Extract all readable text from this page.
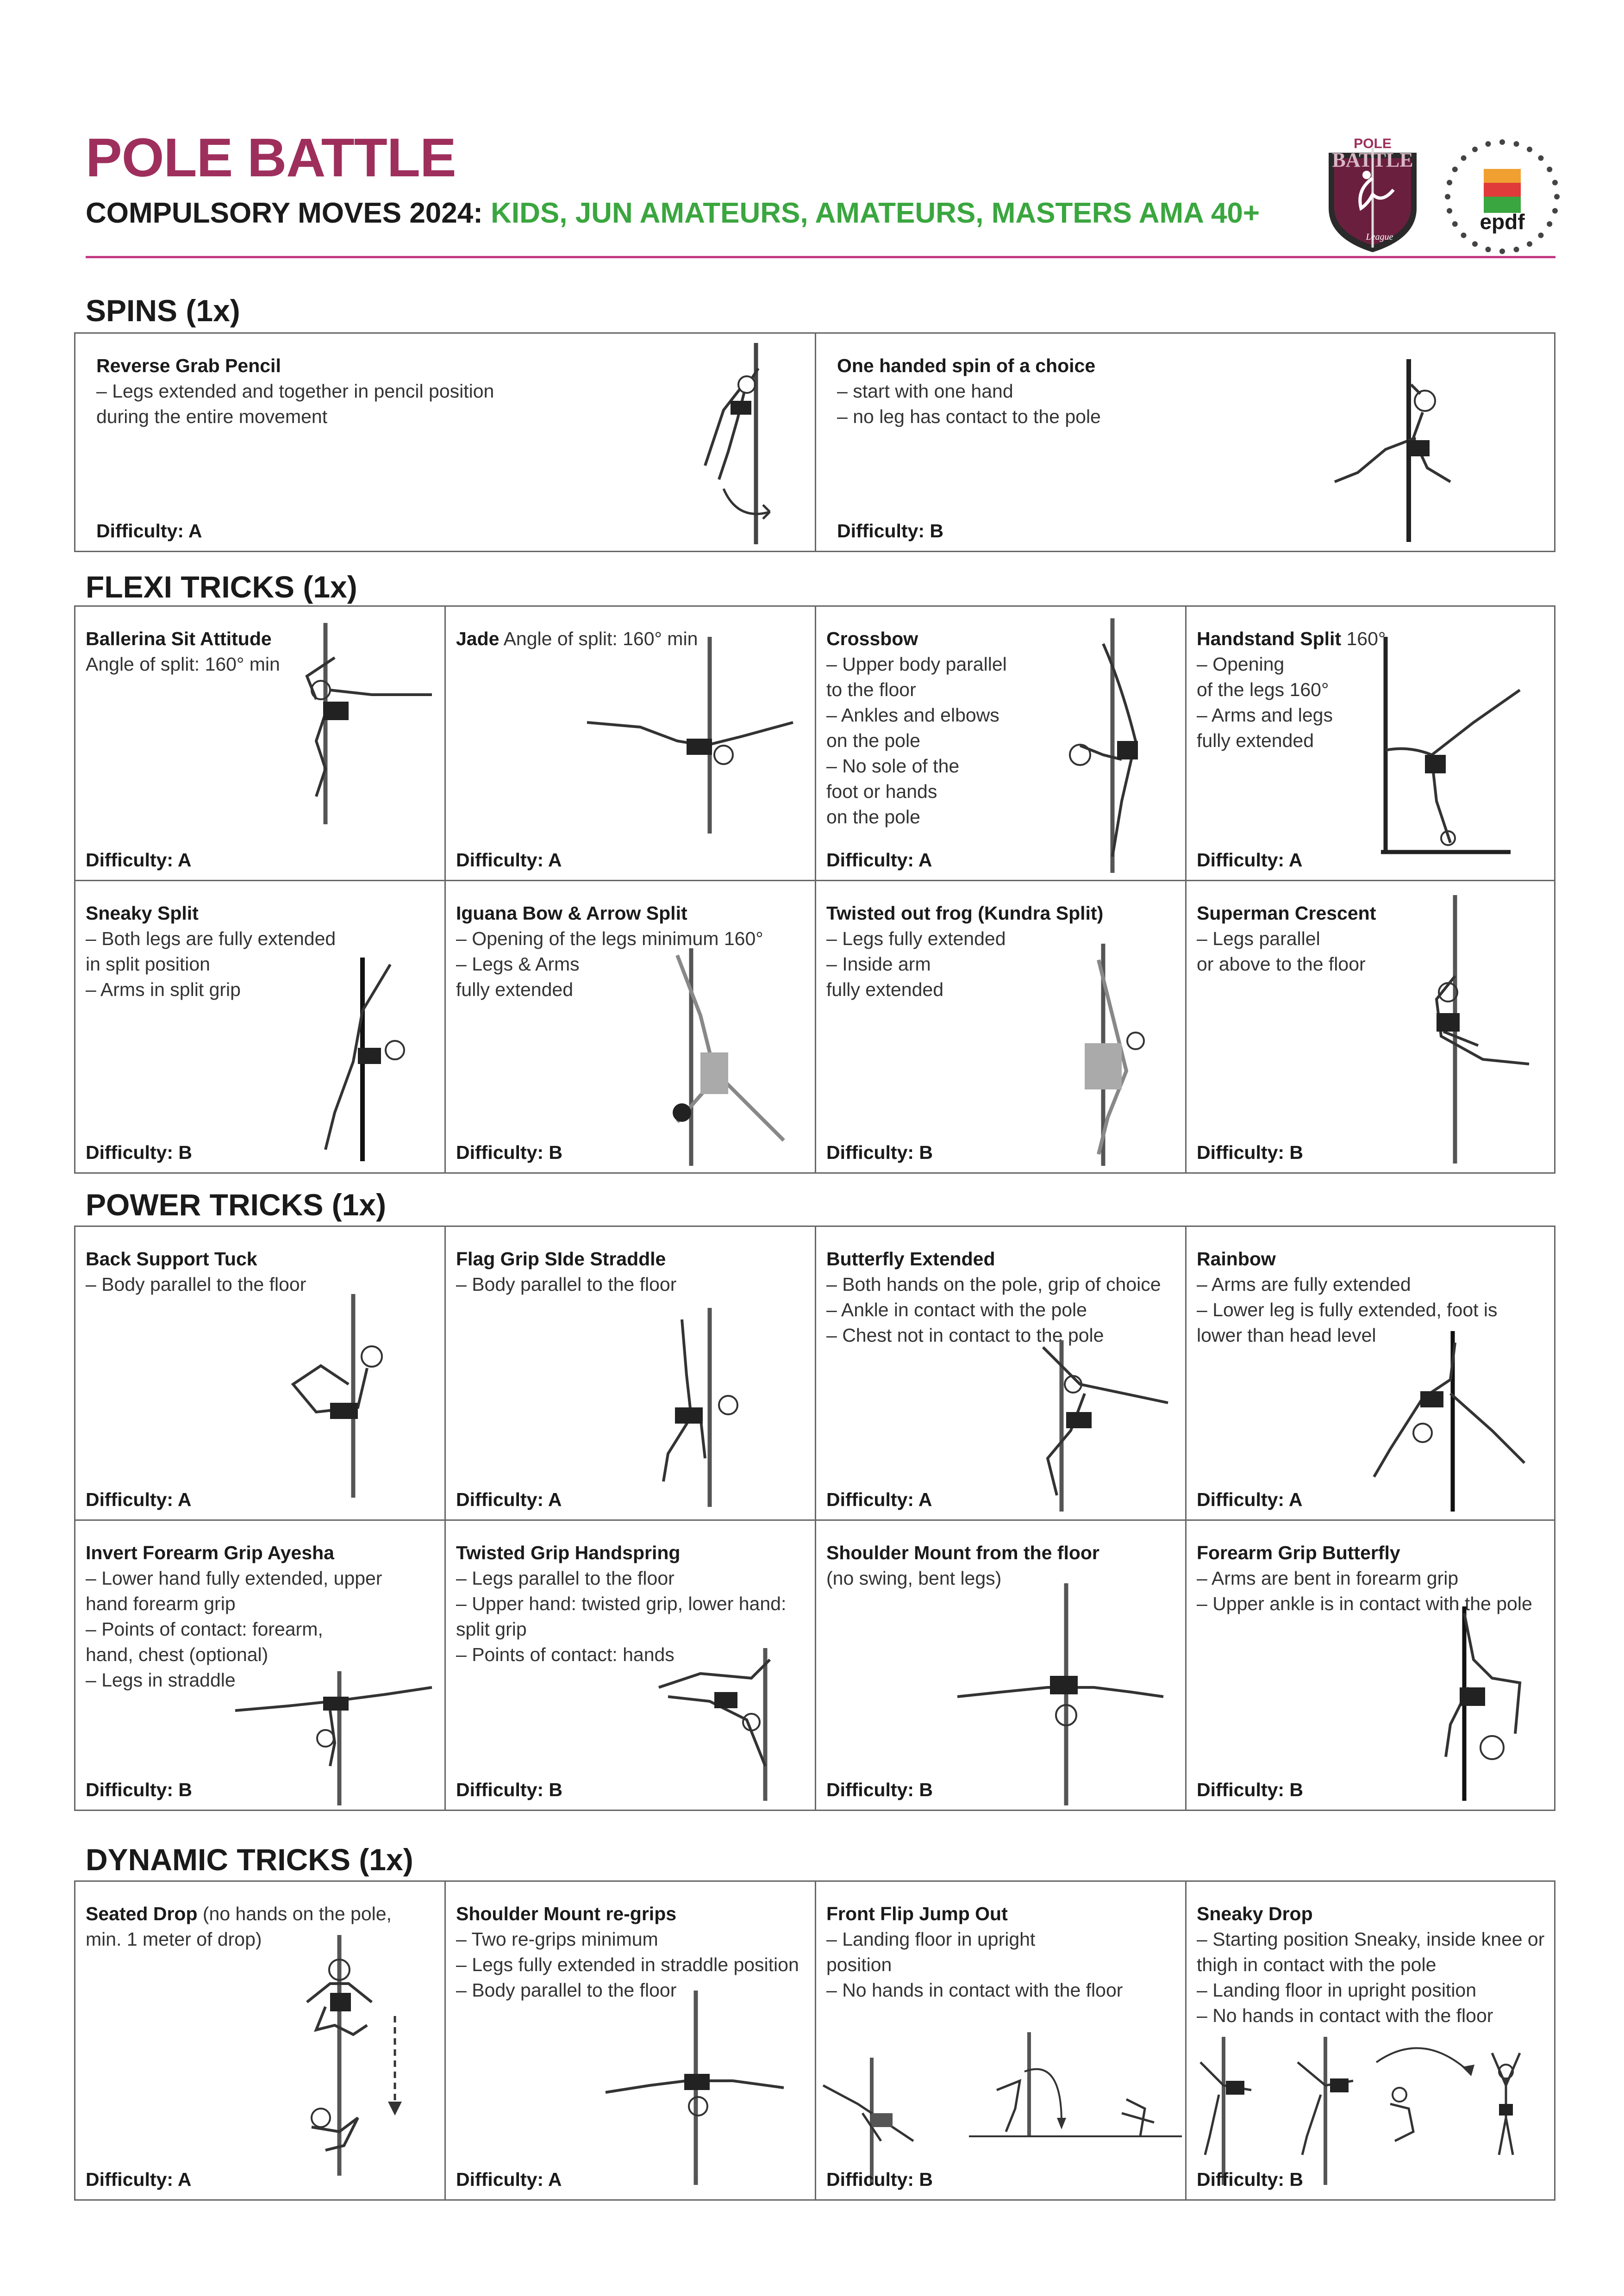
POLE BATTLE
COMPULSORY MOVES 2024: KIDS, JUN AMATEURS, AMATEURS, MASTERS AMA 40+
POLE
BATTLE
League
epdf
SPINS (1x)
Reverse Grab Pencil
– Legs extended and together in pencil position
during the entire movement
Difficulty: A
One handed spin of a choice
– start with one hand
– no leg has contact to the pole
Difficulty: B
FLEXI TRICKS (1x)
Ballerina Sit Attitude
Angle of split: 160° min
Difficulty: A
Jade Angle of split: 160° min
Difficulty: A
Crossbow
– Upper body parallel
to the floor
– Ankles and elbows
on the pole
– No sole of the
foot or hands
on the pole
Difficulty: A
Handstand Split 160°
– Opening
of the legs 160°
– Arms and legs
fully extended
Difficulty: A
Sneaky Split
– Both legs are fully extended
in split position
– Arms in split grip
Difficulty: B
Iguana Bow & Arrow Split
– Opening of the legs minimum 160°
– Legs & Arms
fully extended
Difficulty: B
Twisted out frog (Kundra Split)
– Legs fully extended
– Inside arm
fully extended
Difficulty: B
Superman Crescent
– Legs parallel
or above to the floor
Difficulty: B
POWER TRICKS (1x)
Back Support Tuck
– Body parallel to the floor
Difficulty: A
Flag Grip SIde Straddle
– Body parallel to the floor
Difficulty: A
Butterfly Extended
– Both hands on the pole, grip of choice
– Ankle in contact with the pole
– Chest not in contact to the pole
Difficulty: A
Rainbow
– Arms are fully extended
– Lower leg is fully extended, foot is
lower than head level
Difficulty: A
Invert Forearm Grip Ayesha
– Lower hand fully extended, upper
hand forearm grip
– Points of contact: forearm,
hand, chest (optional)
– Legs in straddle
Difficulty: B
Twisted Grip Handspring
– Legs parallel to the floor
– Upper hand: twisted grip, lower hand:
split grip
– Points of contact: hands
Difficulty: B
Shoulder Mount from the floor
(no swing, bent legs)
Difficulty: B
Forearm Grip Butterfly
– Arms are bent in forearm grip
– Upper ankle is in contact with the pole
Difficulty: B
DYNAMIC TRICKS (1x)
Seated Drop (no hands on the pole,
min. 1 meter of drop)
Difficulty: A
Shoulder Mount re-grips
– Two re-grips minimum
– Legs fully extended in straddle position
– Body parallel to the floor
Difficulty: A
Front Flip Jump Out
– Landing floor in upright
position
– No hands in contact with the floor
Difficulty: B
Sneaky Drop
– Starting position Sneaky, inside knee or
thigh in contact with the pole
– Landing floor in upright position
– No hands in contact with the floor
Difficulty: B
